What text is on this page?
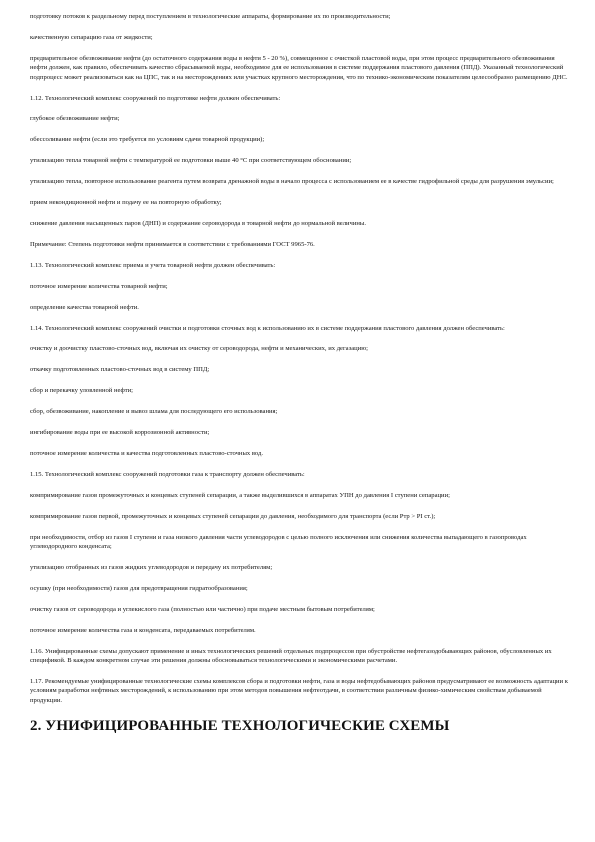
подготовку потоков к раздельному перед поступлением в технологические аппараты, формирование их по производительности;

качественную сепарацию газа от жидкости;

предварительное обезвоживание нефти (до остаточного содержания воды в нефти 5 - 20 %), совмещенное с очисткой пластовой воды, при этом процесс предварительного обезвоживания нефти должен, как правило, обеспечивать качество сбрасываемой воды, необходимое для ее использования в системе поддержания пластового давления (ППД). Указанный технологический подпроцесс может реализоваться как на ЦПС, так и на месторождениях или участках крупного месторождения, что по технико-экономическим показателям целесообразно размещению ДНС.

1.12. Технологический комплекс сооружений по подготовке нефти должен обеспечивать:

глубокое обезвоживание нефти;

обессоливание нефти (если это требуется по условиям сдачи товарной продукции);

утилизацию тепла товарной нефти с температурой ее подготовки выше 40 °С при соответствующем обосновании;

утилизацию тепла, повторное использование реагента путем возврата дренажной воды в начало процесса с использованием ее в качестве гидрофильной среды для разрушения эмульсии;

прием некондиционной нефти и подачу ее на повторную обработку;

снижение давления насыщенных паров (ДНП) и содержание сероводорода в товарной нефти до нормальной величины.

Примечание: Степень подготовки нефти принимается в соответствии с требованиями ГОСТ 9965-76.

1.13. Технологический комплекс приема и учета товарной нефти должен обеспечивать:

поточное измерение количества товарной нефти;

определение качества товарной нефти.

1.14. Технологический комплекс сооружений очистки и подготовки сточных вод к использованию их в системе поддержания пластового давления должен обеспечивать:

очистку и доочистку пластово-сточных вод, включая их очистку от сероводорода, нефти и механических, их дегазацию;

откачку подготовленных пластово-сточных вод в систему ППД;

сбор и перекачку уловленной нефти;

сбор, обезвоживание, накопление и вывоз шлама для последующего его использования;

ингибирование воды при ее высокой коррозионной активности;

поточное измерение количества и качества подготовленных пластово-сточных вод.

1.15. Технологический комплекс сооружений подготовки газа к транспорту должен обеспечивать:

компримирование газов промежуточных и концевых ступеней сепарации, а также выделившихся в аппаратах УПН до давления I ступени сепарации;

компримирование газов первой, промежуточных и концевых ступеней сепарации до давления, необходимого для транспорта (если Ртр > РI ст.);

при необходимости, отбор из газов I ступени и газа низкого давления части углеводородов с целью полного исключения или снижения количества выпадающего в газопроводах углеводородного конденсата;

утилизацию отобранных из газов жидких углеводородов и передачу их потребителям;

осушку (при необходимости) газов для предотвращения гидратообразования;

очистку газов от сероводорода и углекислого газа (полностью или частично) при подаче местным бытовым потребителям;

поточное измерение количества газа и конденсата, передаваемых потребителям.

1.16. Унифицированные схемы допускают применение и иных технологических решений отдельных подпроцессов при обустройстве нефтегазодобывающих районов, обусловленных их спецификой. В каждом конкретном случае эти решения должны обосновываться технологическими и экономическими расчетами.

1.17. Рекомендуемые унифицированные технологические схемы комплексов сбора и подготовки нефти, газа и воды нефтедобывающих районов предусматривают ее возможность адаптации к условиям разработки нефтяных месторождений, к использованию при этом методов повышения нефтеотдачи, в соответствии различным физико-химическим свойствам добываемой продукции.

2. УНИФИЦИРОВАННЫЕ ТЕХНОЛОГИЧЕСКИЕ СХЕМЫ
